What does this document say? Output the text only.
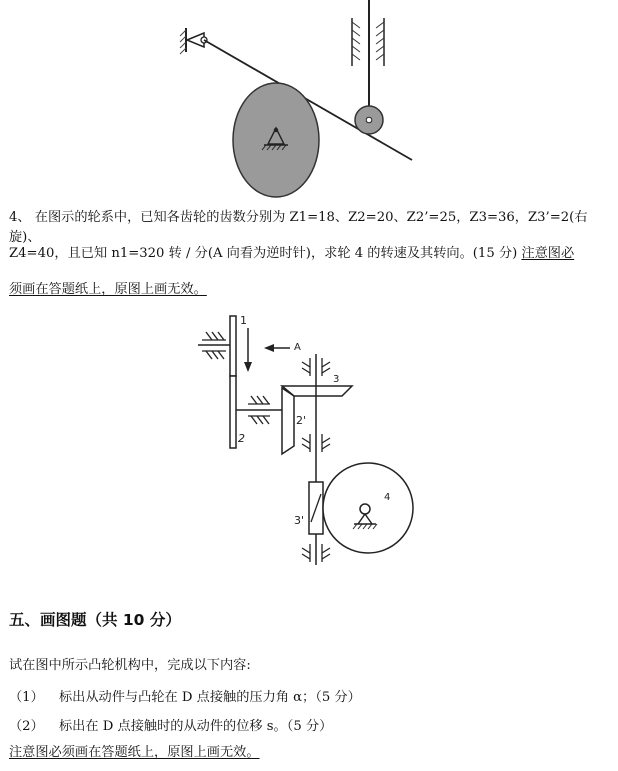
4、 在图示的轮系中，已知各齿轮的齿数分别为 Z1=18、Z2=20、Z2’=25，Z3=36，Z3’=2(右旋)、
Z4=40，且已知 n1=320 转 / 分(A 向看为逆时针)，求轮 4 的转速及其转向。(15 分) 注意图必
须画在答题纸上，原图上画无效。
1
A
2
2'
3
3'
4
五、画图题（共 10 分）
试在图中所示凸轮机构中，完成以下内容:
（1） 标出从动件与凸轮在 D 点接触的压力角 α；（5 分）
（2） 标出在 D 点接触时的从动件的位移 s。（5 分）
注意图必须画在答题纸上，原图上画无效。
